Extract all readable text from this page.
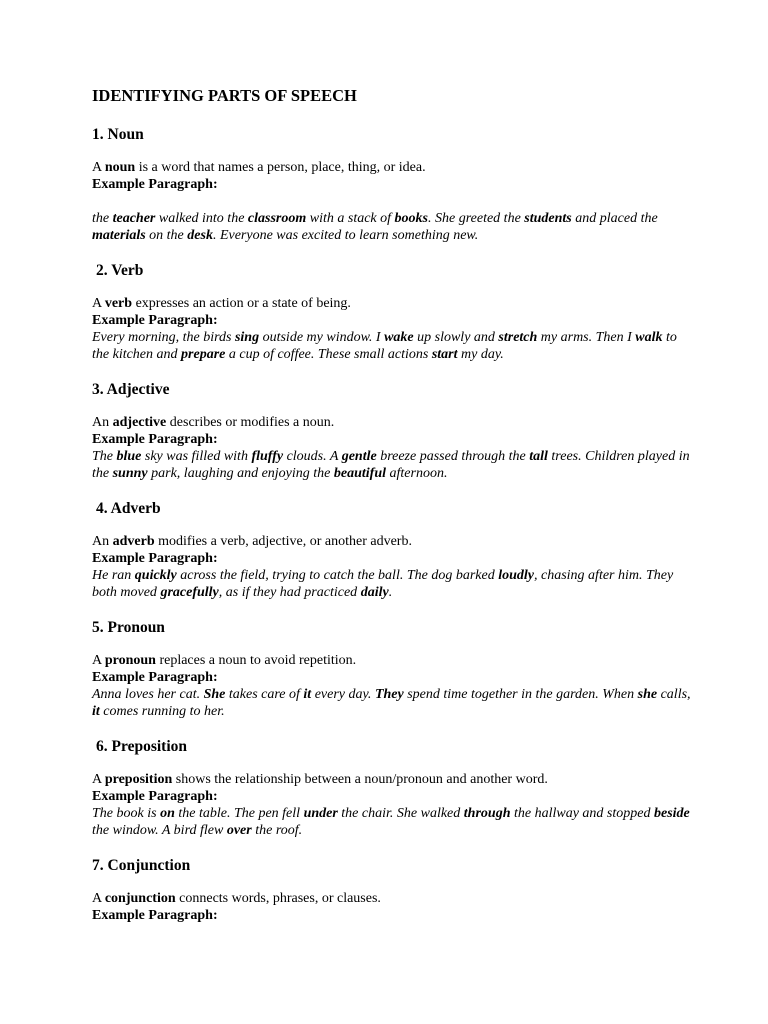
IDENTIFYING PARTS OF SPEECH
1. Noun

A noun is a word that names a person, place, thing, or idea.

Example Paragraph:

the teacher walked into the classroom with a stack of books. She greeted the students and placed the materials on the desk. Everyone was excited to learn something new.

2. Verb

A verb expresses an action or a state of being.

Example Paragraph:

Every morning, the birds sing outside my window. I wake up slowly and stretch my arms. Then I walk to the kitchen and prepare a cup of coffee. These small actions start my day.

3. Adjective

An adjective describes or modifies a noun.

Example Paragraph:

The blue sky was filled with fluffy clouds. A gentle breeze passed through the tall trees. Children played in the sunny park, laughing and enjoying the beautiful afternoon.

4. Adverb

An adverb modifies a verb, adjective, or another adverb.

Example Paragraph:

He ran quickly across the field, trying to catch the ball. The dog barked loudly, chasing after him. They both moved gracefully, as if they had practiced daily.

5. Pronoun

A pronoun replaces a noun to avoid repetition.

Example Paragraph:

Anna loves her cat. She takes care of it every day. They spend time together in the garden. When she calls, it comes running to her.

6. Preposition

A preposition shows the relationship between a noun/pronoun and another word.

Example Paragraph:

The book is on the table. The pen fell under the chair. She walked through the hallway and stopped beside the window. A bird flew over the roof.

7. Conjunction

A conjunction connects words, phrases, or clauses.

Example Paragraph:
